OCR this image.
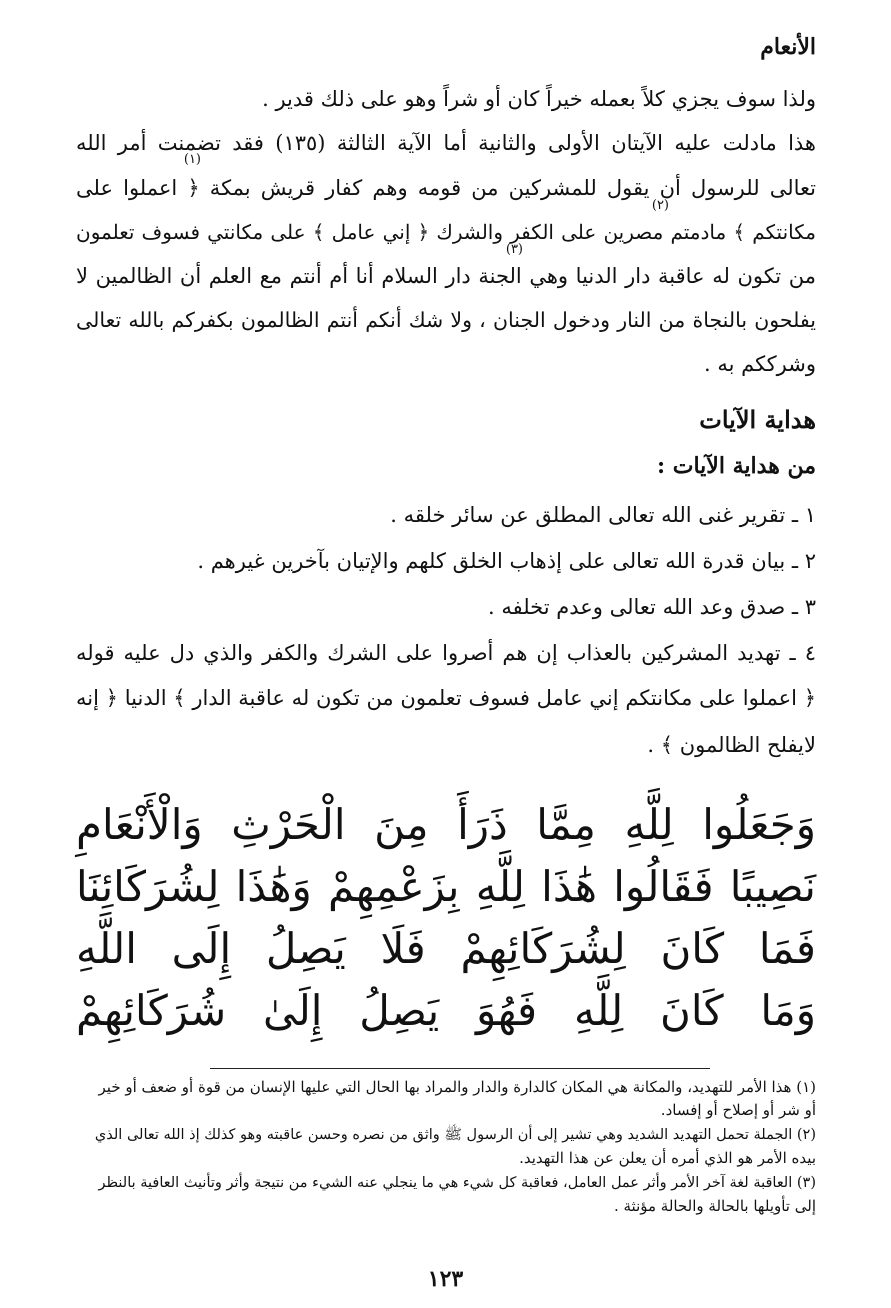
الأنعام
ولذا سوف يجزي كلاً بعمله خيراً كان أو شراً وهو على ذلك قدير .
هذا مادلت عليه الآيتان الأولى والثانية أما الآية الثالثة (١٣٥) فقد تضمنت أمر الله
(١)
تعالى للرسول أن يقول للمشركين من قومه وهم كفار قريش بمكة ﴿ اعملوا على
(٢)
مكانتكم ﴾ مادمتم مصرين على الكفر والشرك ﴿ إني عامل ﴾ على مكانتي فسوف تعلمون
(٣)
من تكون له عاقبة دار الدنيا وهي الجنة دار السلام أنا أم أنتم مع العلم أن الظالمين لا
يفلحون بالنجاة من النار ودخول الجنان ، ولا شك أنكم أنتم الظالمون بكفركم بالله تعالى
وشرككم به .
هداية الآيات
من هداية الآيات :
١ ـ تقرير غنى الله تعالى المطلق عن سائر خلقه .
٢ ـ بيان قدرة الله تعالى على إذهاب الخلق كلهم والإتيان بآخرين غيرهم .
٣ ـ صدق وعد الله تعالى وعدم تخلفه .
٤ ـ تهديد المشركين بالعذاب إن هم أصروا على الشرك والكفر والذي دل عليه قوله
﴿ اعملوا على مكانتكم إني عامل فسوف تعلمون من تكون له عاقبة الدار ﴾ الدنيا ﴿ إنه
لايفلح الظالمون ﴾ .
وَجَعَلُوا لِلَّهِ مِمَّا ذَرَأَ مِنَ الْحَرْثِ وَالْأَنْعَامِ
نَصِيبًا فَقَالُوا هَٰذَا لِلَّهِ بِزَعْمِهِمْ وَهَٰذَا لِشُرَكَائِنَا
فَمَا كَانَ لِشُرَكَائِهِمْ فَلَا يَصِلُ إِلَى اللَّهِ
وَمَا كَانَ لِلَّهِ فَهُوَ يَصِلُ إِلَىٰ شُرَكَائِهِمْ
(١) هذا الأمر للتهديد، والمكانة هي المكان كالدارة والدار والمراد بها الحال التي عليها الإنسان من قوة أو ضعف أو خير
أو شر أو إصلاح أو إفساد.
(٢) الجملة تحمل التهديد الشديد وهي تشير إلى أن الرسول ﷺ واثق من نصره وحسن عاقبته وهو كذلك إذ الله تعالى الذي
بيده الأمر هو الذي أمره أن يعلن عن هذا التهديد.
(٣) العاقبة لغة آخر الأمر وأثر عمل العامل، فعاقبة كل شيء هي ما ينجلي عنه الشيء من نتيجة وأثر وتأنيث العافية بالنظر
إلى تأويلها بالحالة والحالة مؤنثة .
١٢٣
